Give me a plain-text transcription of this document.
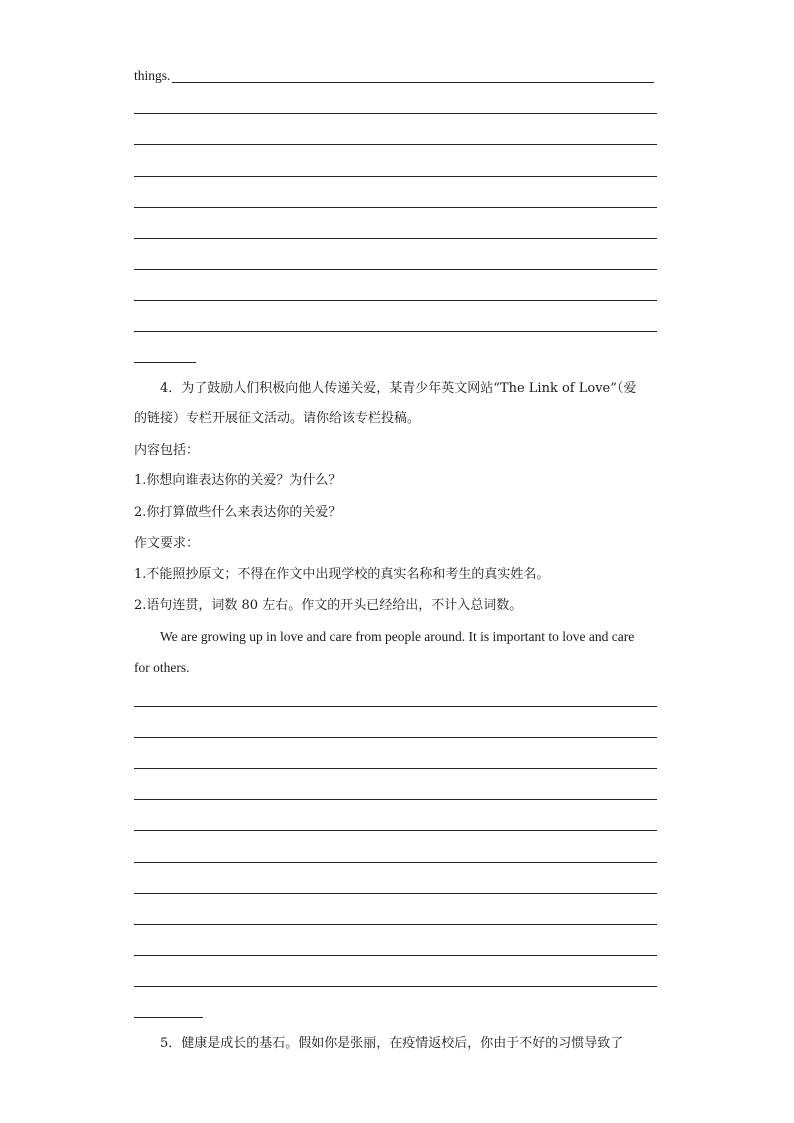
things.
4．为了鼓励人们积极向他人传递关爱，某青少年英文网站“The Link of Love”（爱
的链接）专栏开展征文活动。请你给该专栏投稿。
内容包括：
1.你想向谁表达你的关爱？为什么？
2.你打算做些什么来表达你的关爱？
作文要求：
1.不能照抄原文；不得在作文中出现学校的真实名称和考生的真实姓名。
2.语句连贯，词数 80 左右。作文的开头已经给出，不计入总词数。
We are growing up in love and care from people around. It is important to love and care
for others.
5．健康是成长的基石。假如你是张丽，在疫情返校后，你由于不好的习惯导致了
